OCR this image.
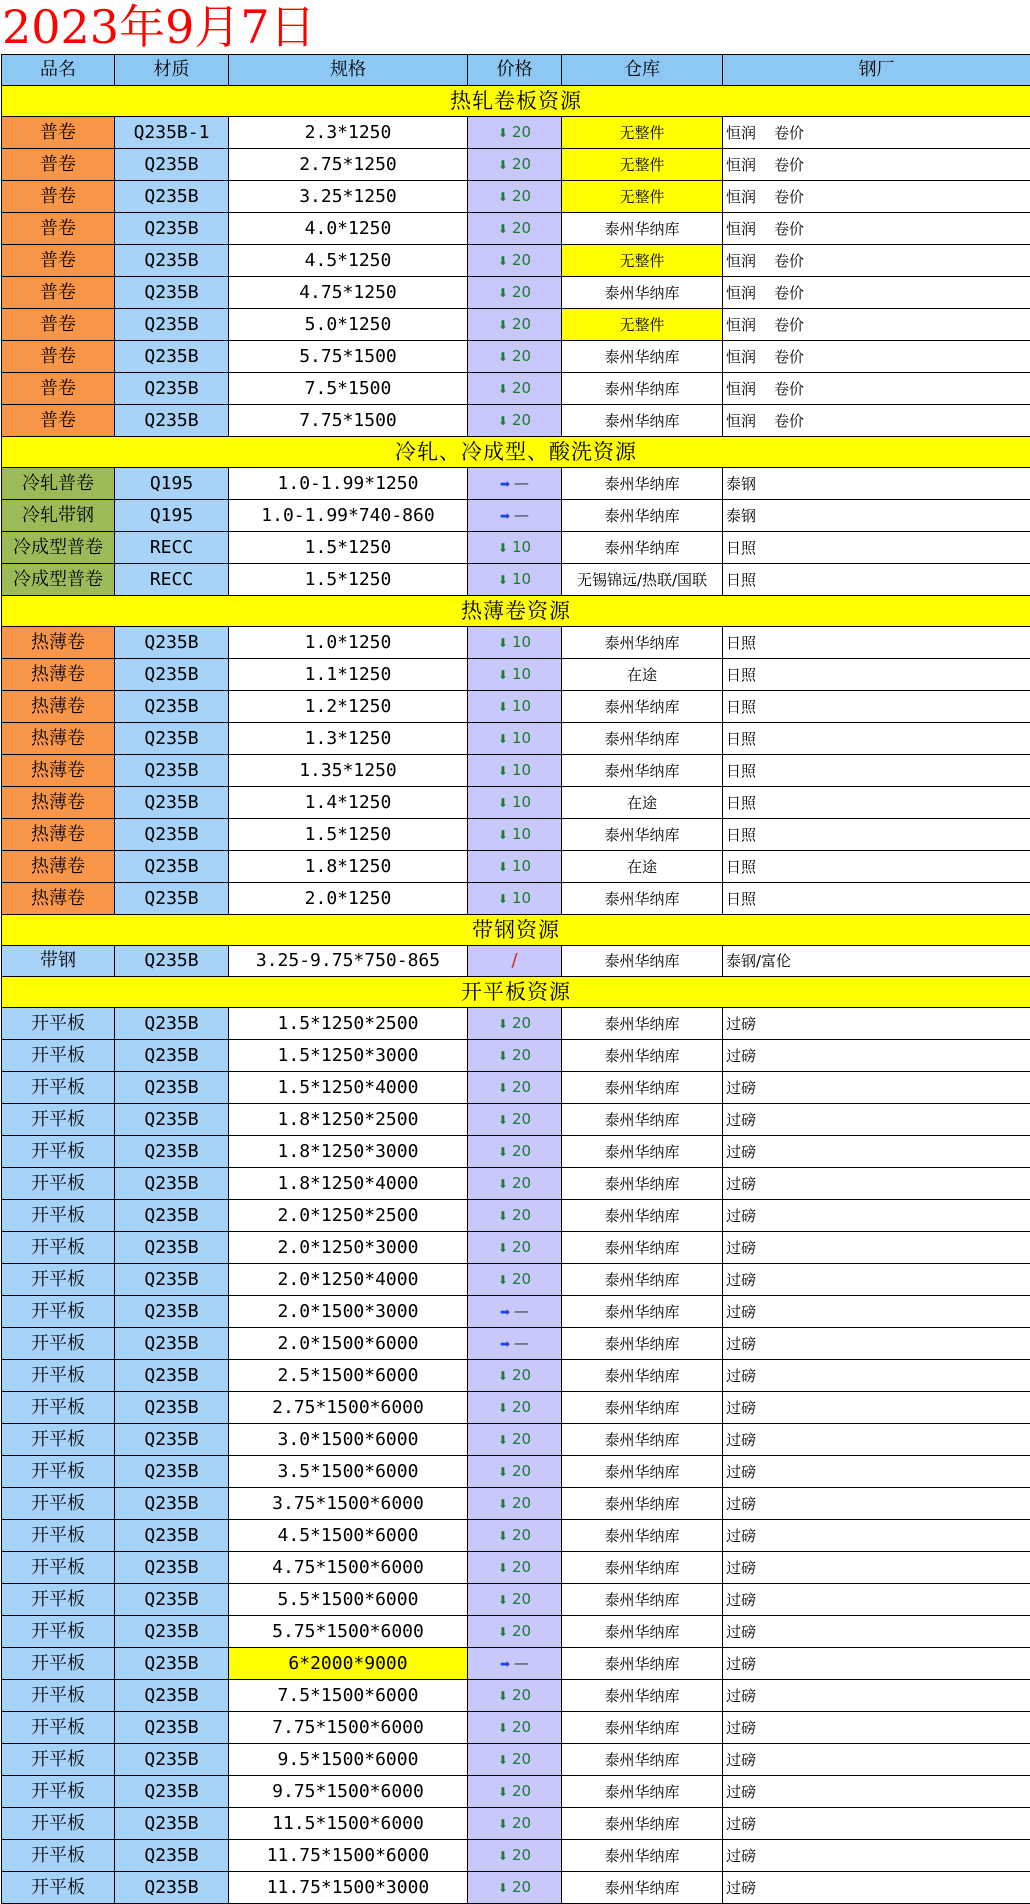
2023年9月7日
品名	材质	规格	价格	仓库	钢厂
热轧卷板资源					
普卷	Q235B-1	2.3*1250	⬇ 20	无整件	恒润 卷价
普卷	Q235B	2.75*1250	⬇ 20	无整件	恒润 卷价
普卷	Q235B	3.25*1250	⬇ 20	无整件	恒润 卷价
普卷	Q235B	4.0*1250	⬇ 20	泰州华纳库	恒润 卷价
普卷	Q235B	4.5*1250	⬇ 20	无整件	恒润 卷价
普卷	Q235B	4.75*1250	⬇ 20	泰州华纳库	恒润 卷价
普卷	Q235B	5.0*1250	⬇ 20	无整件	恒润 卷价
普卷	Q235B	5.75*1500	⬇ 20	泰州华纳库	恒润 卷价
普卷	Q235B	7.5*1500	⬇ 20	泰州华纳库	恒润 卷价
普卷	Q235B	7.75*1500	⬇ 20	泰州华纳库	恒润 卷价
冷轧、冷成型、酸洗资源					
冷轧普卷	Q195	1.0-1.99*1250	➡ —	泰州华纳库	泰钢
冷轧带钢	Q195	1.0-1.99*740-860	➡ —	泰州华纳库	泰钢
冷成型普卷	RECC	1.5*1250	⬇ 10	泰州华纳库	日照
冷成型普卷	RECC	1.5*1250	⬇ 10	无锡锦远/热联/国联	日照
热薄卷资源					
热薄卷	Q235B	1.0*1250	⬇ 10	泰州华纳库	日照
热薄卷	Q235B	1.1*1250	⬇ 10	在途	日照
热薄卷	Q235B	1.2*1250	⬇ 10	泰州华纳库	日照
热薄卷	Q235B	1.3*1250	⬇ 10	泰州华纳库	日照
热薄卷	Q235B	1.35*1250	⬇ 10	泰州华纳库	日照
热薄卷	Q235B	1.4*1250	⬇ 10	在途	日照
热薄卷	Q235B	1.5*1250	⬇ 10	泰州华纳库	日照
热薄卷	Q235B	1.8*1250	⬇ 10	在途	日照
热薄卷	Q235B	2.0*1250	⬇ 10	泰州华纳库	日照
带钢资源					
带钢	Q235B	3.25-9.75*750-865	/	泰州华纳库	泰钢/富伦
开平板资源					
开平板	Q235B	1.5*1250*2500	⬇ 20	泰州华纳库	过磅
开平板	Q235B	1.5*1250*3000	⬇ 20	泰州华纳库	过磅
开平板	Q235B	1.5*1250*4000	⬇ 20	泰州华纳库	过磅
开平板	Q235B	1.8*1250*2500	⬇ 20	泰州华纳库	过磅
开平板	Q235B	1.8*1250*3000	⬇ 20	泰州华纳库	过磅
开平板	Q235B	1.8*1250*4000	⬇ 20	泰州华纳库	过磅
开平板	Q235B	2.0*1250*2500	⬇ 20	泰州华纳库	过磅
开平板	Q235B	2.0*1250*3000	⬇ 20	泰州华纳库	过磅
开平板	Q235B	2.0*1250*4000	⬇ 20	泰州华纳库	过磅
开平板	Q235B	2.0*1500*3000	➡ —	泰州华纳库	过磅
开平板	Q235B	2.0*1500*6000	➡ —	泰州华纳库	过磅
开平板	Q235B	2.5*1500*6000	⬇ 20	泰州华纳库	过磅
开平板	Q235B	2.75*1500*6000	⬇ 20	泰州华纳库	过磅
开平板	Q235B	3.0*1500*6000	⬇ 20	泰州华纳库	过磅
开平板	Q235B	3.5*1500*6000	⬇ 20	泰州华纳库	过磅
开平板	Q235B	3.75*1500*6000	⬇ 20	泰州华纳库	过磅
开平板	Q235B	4.5*1500*6000	⬇ 20	泰州华纳库	过磅
开平板	Q235B	4.75*1500*6000	⬇ 20	泰州华纳库	过磅
开平板	Q235B	5.5*1500*6000	⬇ 20	泰州华纳库	过磅
开平板	Q235B	5.75*1500*6000	⬇ 20	泰州华纳库	过磅
开平板	Q235B	6*2000*9000	➡ —	泰州华纳库	过磅
开平板	Q235B	7.5*1500*6000	⬇ 20	泰州华纳库	过磅
开平板	Q235B	7.75*1500*6000	⬇ 20	泰州华纳库	过磅
开平板	Q235B	9.5*1500*6000	⬇ 20	泰州华纳库	过磅
开平板	Q235B	9.75*1500*6000	⬇ 20	泰州华纳库	过磅
开平板	Q235B	11.5*1500*6000	⬇ 20	泰州华纳库	过磅
开平板	Q235B	11.75*1500*6000	⬇ 20	泰州华纳库	过磅
开平板	Q235B	11.75*1500*3000	⬇ 20	泰州华纳库	过磅
